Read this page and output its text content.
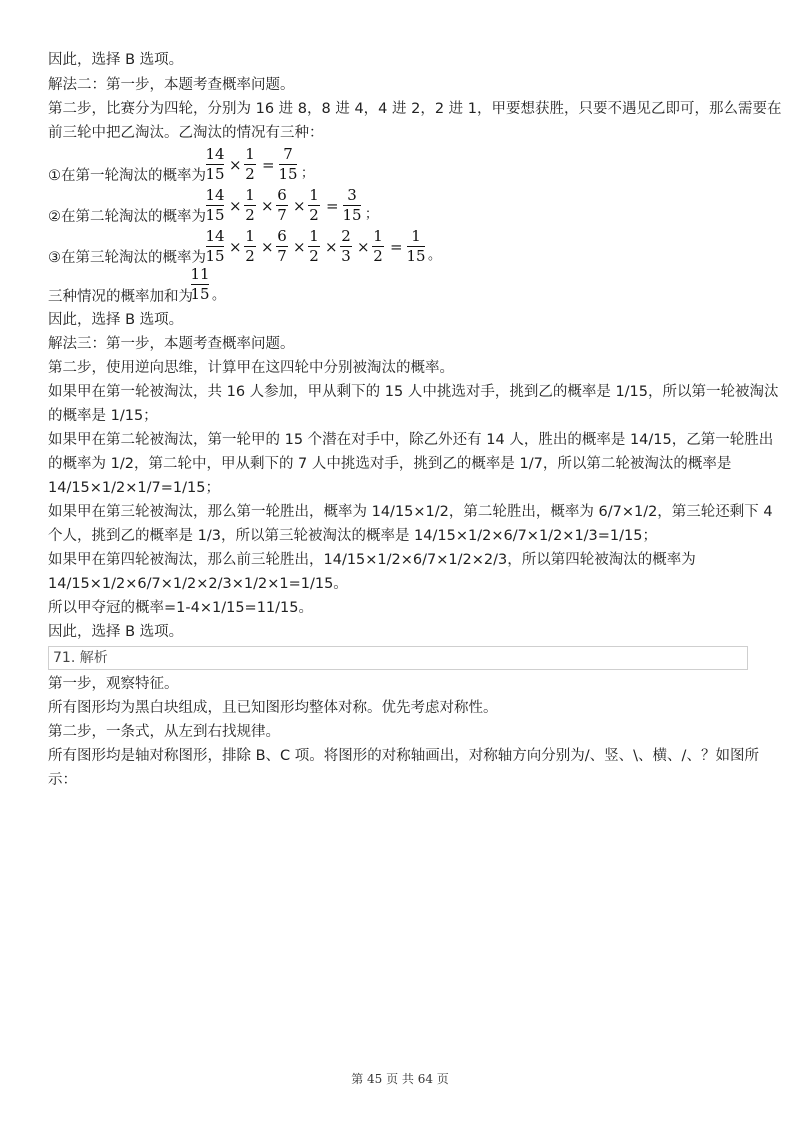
因此，选择 B 选项。
解法二：第一步，本题考查概率问题。
第二步，比赛分为四轮，分别为 16 进 8，8 进 4，4 进 2，2 进 1，甲要想获胜，只要不遇见乙即可，那么需要在
前三轮中把乙淘汰。乙淘汰的情况有三种：
①在第一轮淘汰的概率为
14
15 ×
1
2 =
7
15 ；
②在第二轮淘汰的概率为
14
15 ×
1
2 ×
6
7 ×
1
2 =
3
15 ；
③在第三轮淘汰的概率为
14
15 ×
1
2 ×
6
7 ×
1
2 ×
2
3 ×
1
2 =
1
15 。
三种情况的概率加和为
11
15 。
因此，选择 B 选项。
解法三：第一步，本题考查概率问题。
第二步，使用逆向思维，计算甲在这四轮中分别被淘汰的概率。
如果甲在第一轮被淘汰，共 16 人参加，甲从剩下的 15 人中挑选对手，挑到乙的概率是 1/15，所以第一轮被淘汰
的概率是 1/15；
如果甲在第二轮被淘汰，第一轮甲的 15 个潜在对手中，除乙外还有 14 人，胜出的概率是 14/15，乙第一轮胜出
的概率为 1/2，第二轮中，甲从剩下的 7 人中挑选对手，挑到乙的概率是 1/7，所以第二轮被淘汰的概率是
14/15×1/2×1/7=1/15；
如果甲在第三轮被淘汰，那么第一轮胜出，概率为 14/15×1/2，第二轮胜出，概率为 6/7×1/2，第三轮还剩下 4
个人，挑到乙的概率是 1/3，所以第三轮被淘汰的概率是 14/15×1/2×6/7×1/2×1/3=1/15；
如果甲在第四轮被淘汰，那么前三轮胜出，14/15×1/2×6/7×1/2×2/3，所以第四轮被淘汰的概率为
14/15×1/2×6/7×1/2×2/3×1/2×1=1/15。
所以甲夺冠的概率=1-4×1/15=11/15。
因此，选择 B 选项。
71. 解析
第一步，观察特征。
所有图形均为黑白块组成，且已知图形均整体对称。优先考虑对称性。
第二步，一条式，从左到右找规律。
所有图形均是轴对称图形，排除 B、C 项。将图形的对称轴画出，对称轴方向分别为/、竖、\、横、/、？如图所
示：
第 45 页 共 64 页
